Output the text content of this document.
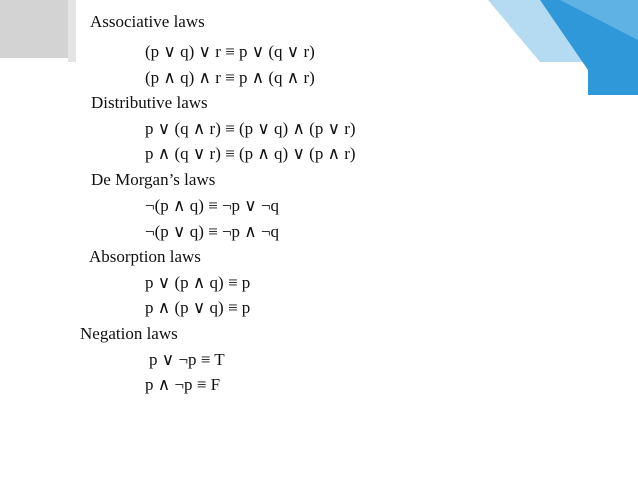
Associative laws
(p ∨ q) ∨ r ≡ p ∨ (q ∨ r)
(p ∧ q) ∧ r ≡ p ∧ (q ∧ r)
Distributive laws
p ∨ (q ∧ r) ≡ (p ∨ q) ∧ (p ∨ r)
p ∧ (q ∨ r) ≡ (p ∧ q) ∨ (p ∧ r)
De Morgan’s laws
¬(p ∧ q) ≡ ¬p ∨ ¬q
¬(p ∨ q) ≡ ¬p ∧ ¬q
Absorption laws
p ∨ (p ∧ q) ≡ p
p ∧ (p ∨ q) ≡ p
Negation laws
p ∨ ¬p ≡ T
p ∧ ¬p ≡ F
